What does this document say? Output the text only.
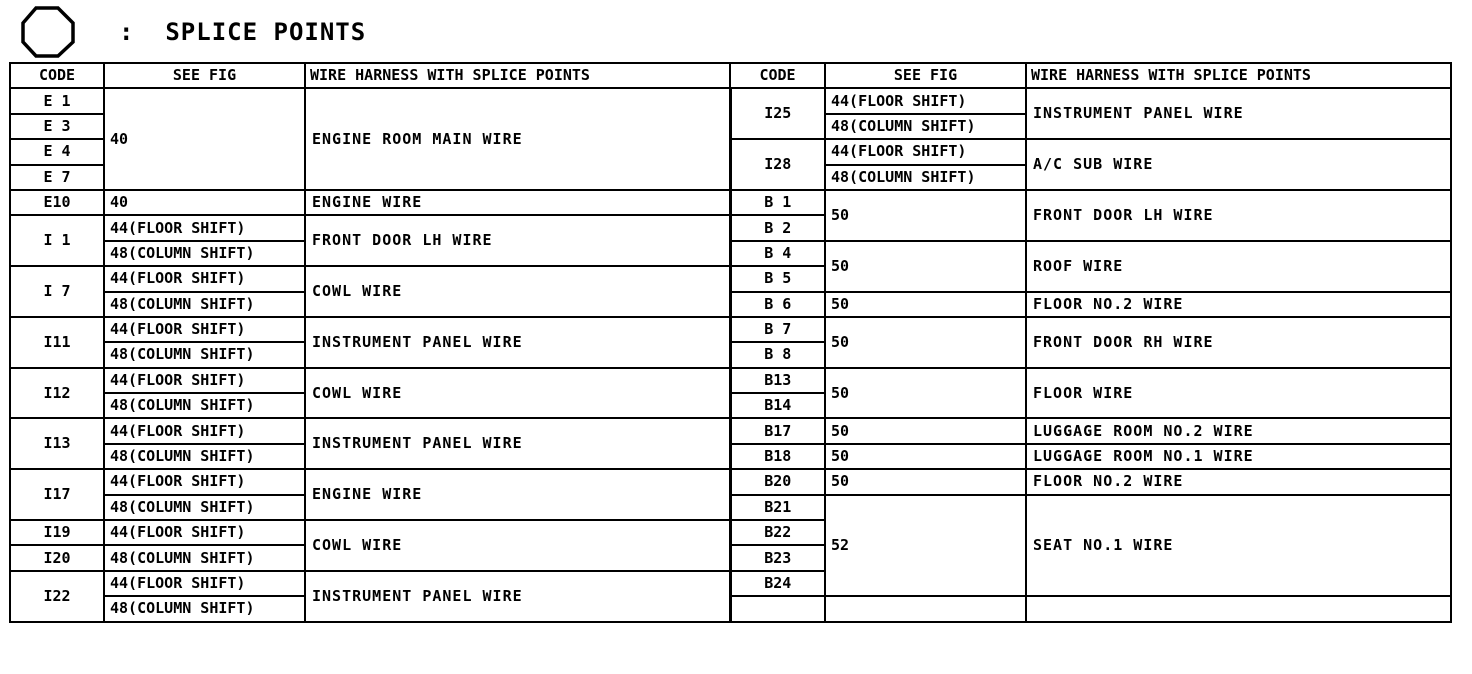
: SPLICE POINTS
CODE	SEE FIG	WIRE HARNESS WITH SPLICE POINTS	CODE	SEE FIG	WIRE HARNESS WITH SPLICE POINTS
E 1	40	ENGINE ROOM MAIN WIRE	I25	44(FLOOR SHIFT)	INSTRUMENT PANEL WIRE
E 3				48(COLUMN SHIFT)	
E 4			I28	44(FLOOR SHIFT)	A/C SUB WIRE
E 7				48(COLUMN SHIFT)	
E10	40	ENGINE WIRE	B 1	50	FRONT DOOR LH WIRE
I 1	44(FLOOR SHIFT)	FRONT DOOR LH WIRE	B 2		
	48(COLUMN SHIFT)		B 4	50	ROOF WIRE
I 7	44(FLOOR SHIFT)	COWL WIRE	B 5		
	48(COLUMN SHIFT)		B 6	50	FLOOR NO.2 WIRE
I11	44(FLOOR SHIFT)	INSTRUMENT PANEL WIRE	B 7	50	FRONT DOOR RH WIRE
	48(COLUMN SHIFT)		B 8		
I12	44(FLOOR SHIFT)	COWL WIRE	B13	50	FLOOR WIRE
	48(COLUMN SHIFT)		B14		
I13	44(FLOOR SHIFT)	INSTRUMENT PANEL WIRE	B17	50	LUGGAGE ROOM NO.2 WIRE
	48(COLUMN SHIFT)		B18	50	LUGGAGE ROOM NO.1 WIRE
I17	44(FLOOR SHIFT)	ENGINE WIRE	B20	50	FLOOR NO.2 WIRE
	48(COLUMN SHIFT)		B21	52	SEAT NO.1 WIRE
I19	44(FLOOR SHIFT)	COWL WIRE	B22		
I20	48(COLUMN SHIFT)		B23		
I22	44(FLOOR SHIFT)	INSTRUMENT PANEL WIRE	B24		
	48(COLUMN SHIFT)				
